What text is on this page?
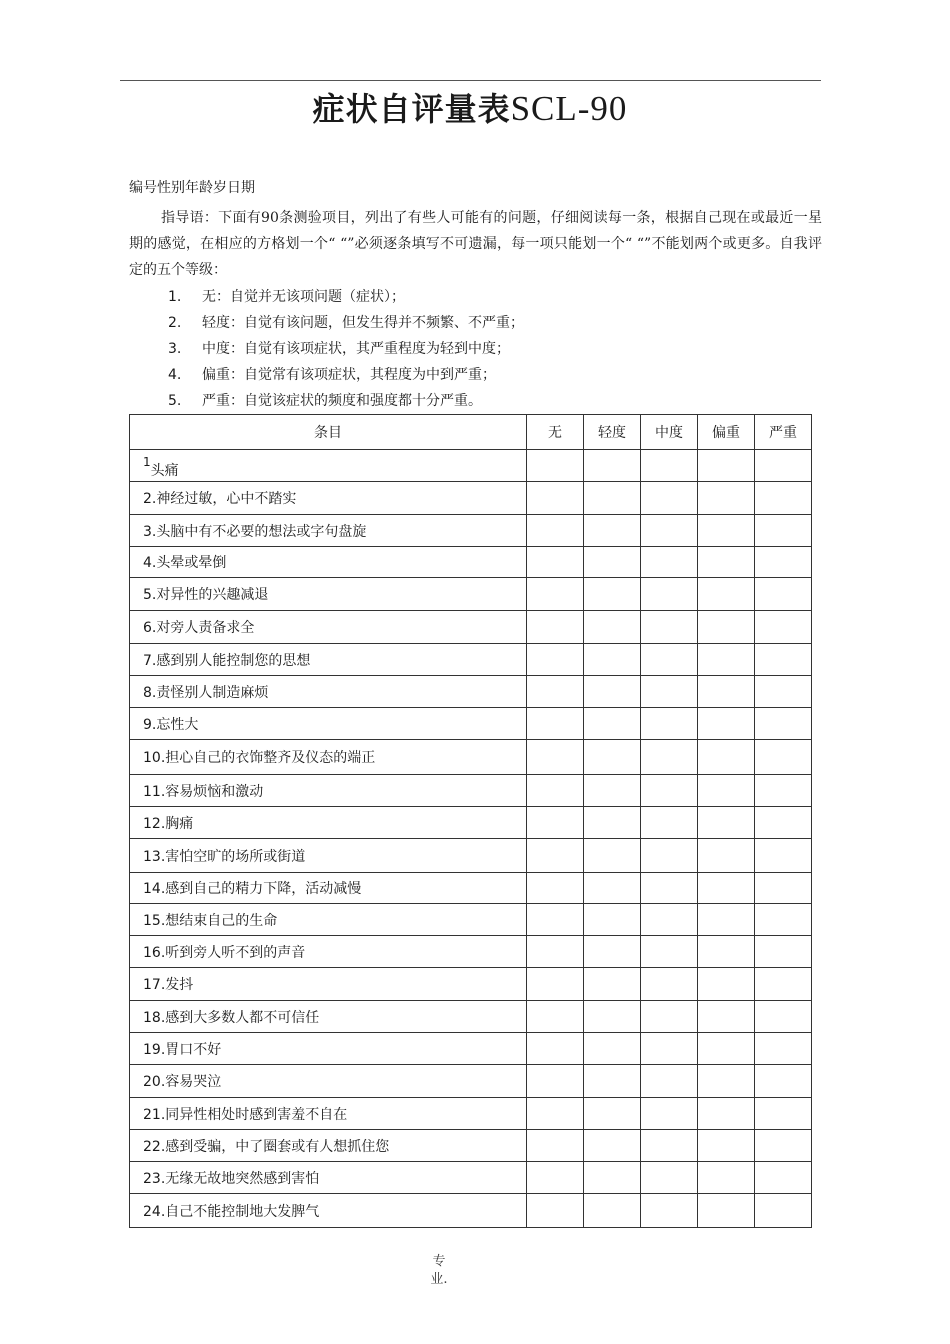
症状自评量表SCL-90
编号性别年龄岁日期
指导语：下面有90条测验项目，列出了有些人可能有的问题，仔细阅读每一条，根据自己现在或最近一星期的感觉，在相应的方格划一个“ “”必须逐条填写不可遗漏，每一项只能划一个“ “”不能划两个或更多。自我评定的五个等级：
1. 无：自觉并无该项问题（症状）；
2. 轻度：自觉有该问题，但发生得并不频繁、不严重；
3. 中度：自觉有该项症状，其严重程度为轻到中度；
4. 偏重：自觉常有该项症状，其程度为中到严重；
5. 严重：自觉该症状的频度和强度都十分严重。
条目	无	轻度	中度	偏重	严重
1头痛					
2.神经过敏，心中不踏实					
3.头脑中有不必要的想法或字句盘旋					
4.头晕或晕倒					
5.对异性的兴趣减退					
6.对旁人责备求全					
7.感到别人能控制您的思想					
8.责怪别人制造麻烦					
9.忘性大					
10.担心自己的衣饰整齐及仪态的端正					
11.容易烦恼和激动					
12.胸痛					
13.害怕空旷的场所或街道					
14.感到自己的精力下降，活动减慢					
15.想结束自己的生命					
16.听到旁人听不到的声音					
17.发抖					
18.感到大多数人都不可信任					
19.胃口不好					
20.容易哭泣					
21.同异性相处时感到害羞不自在					
22.感到受骗，中了圈套或有人想抓住您					
23.无缘无故地突然感到害怕					
24.自己不能控制地大发脾气					
专
业.
